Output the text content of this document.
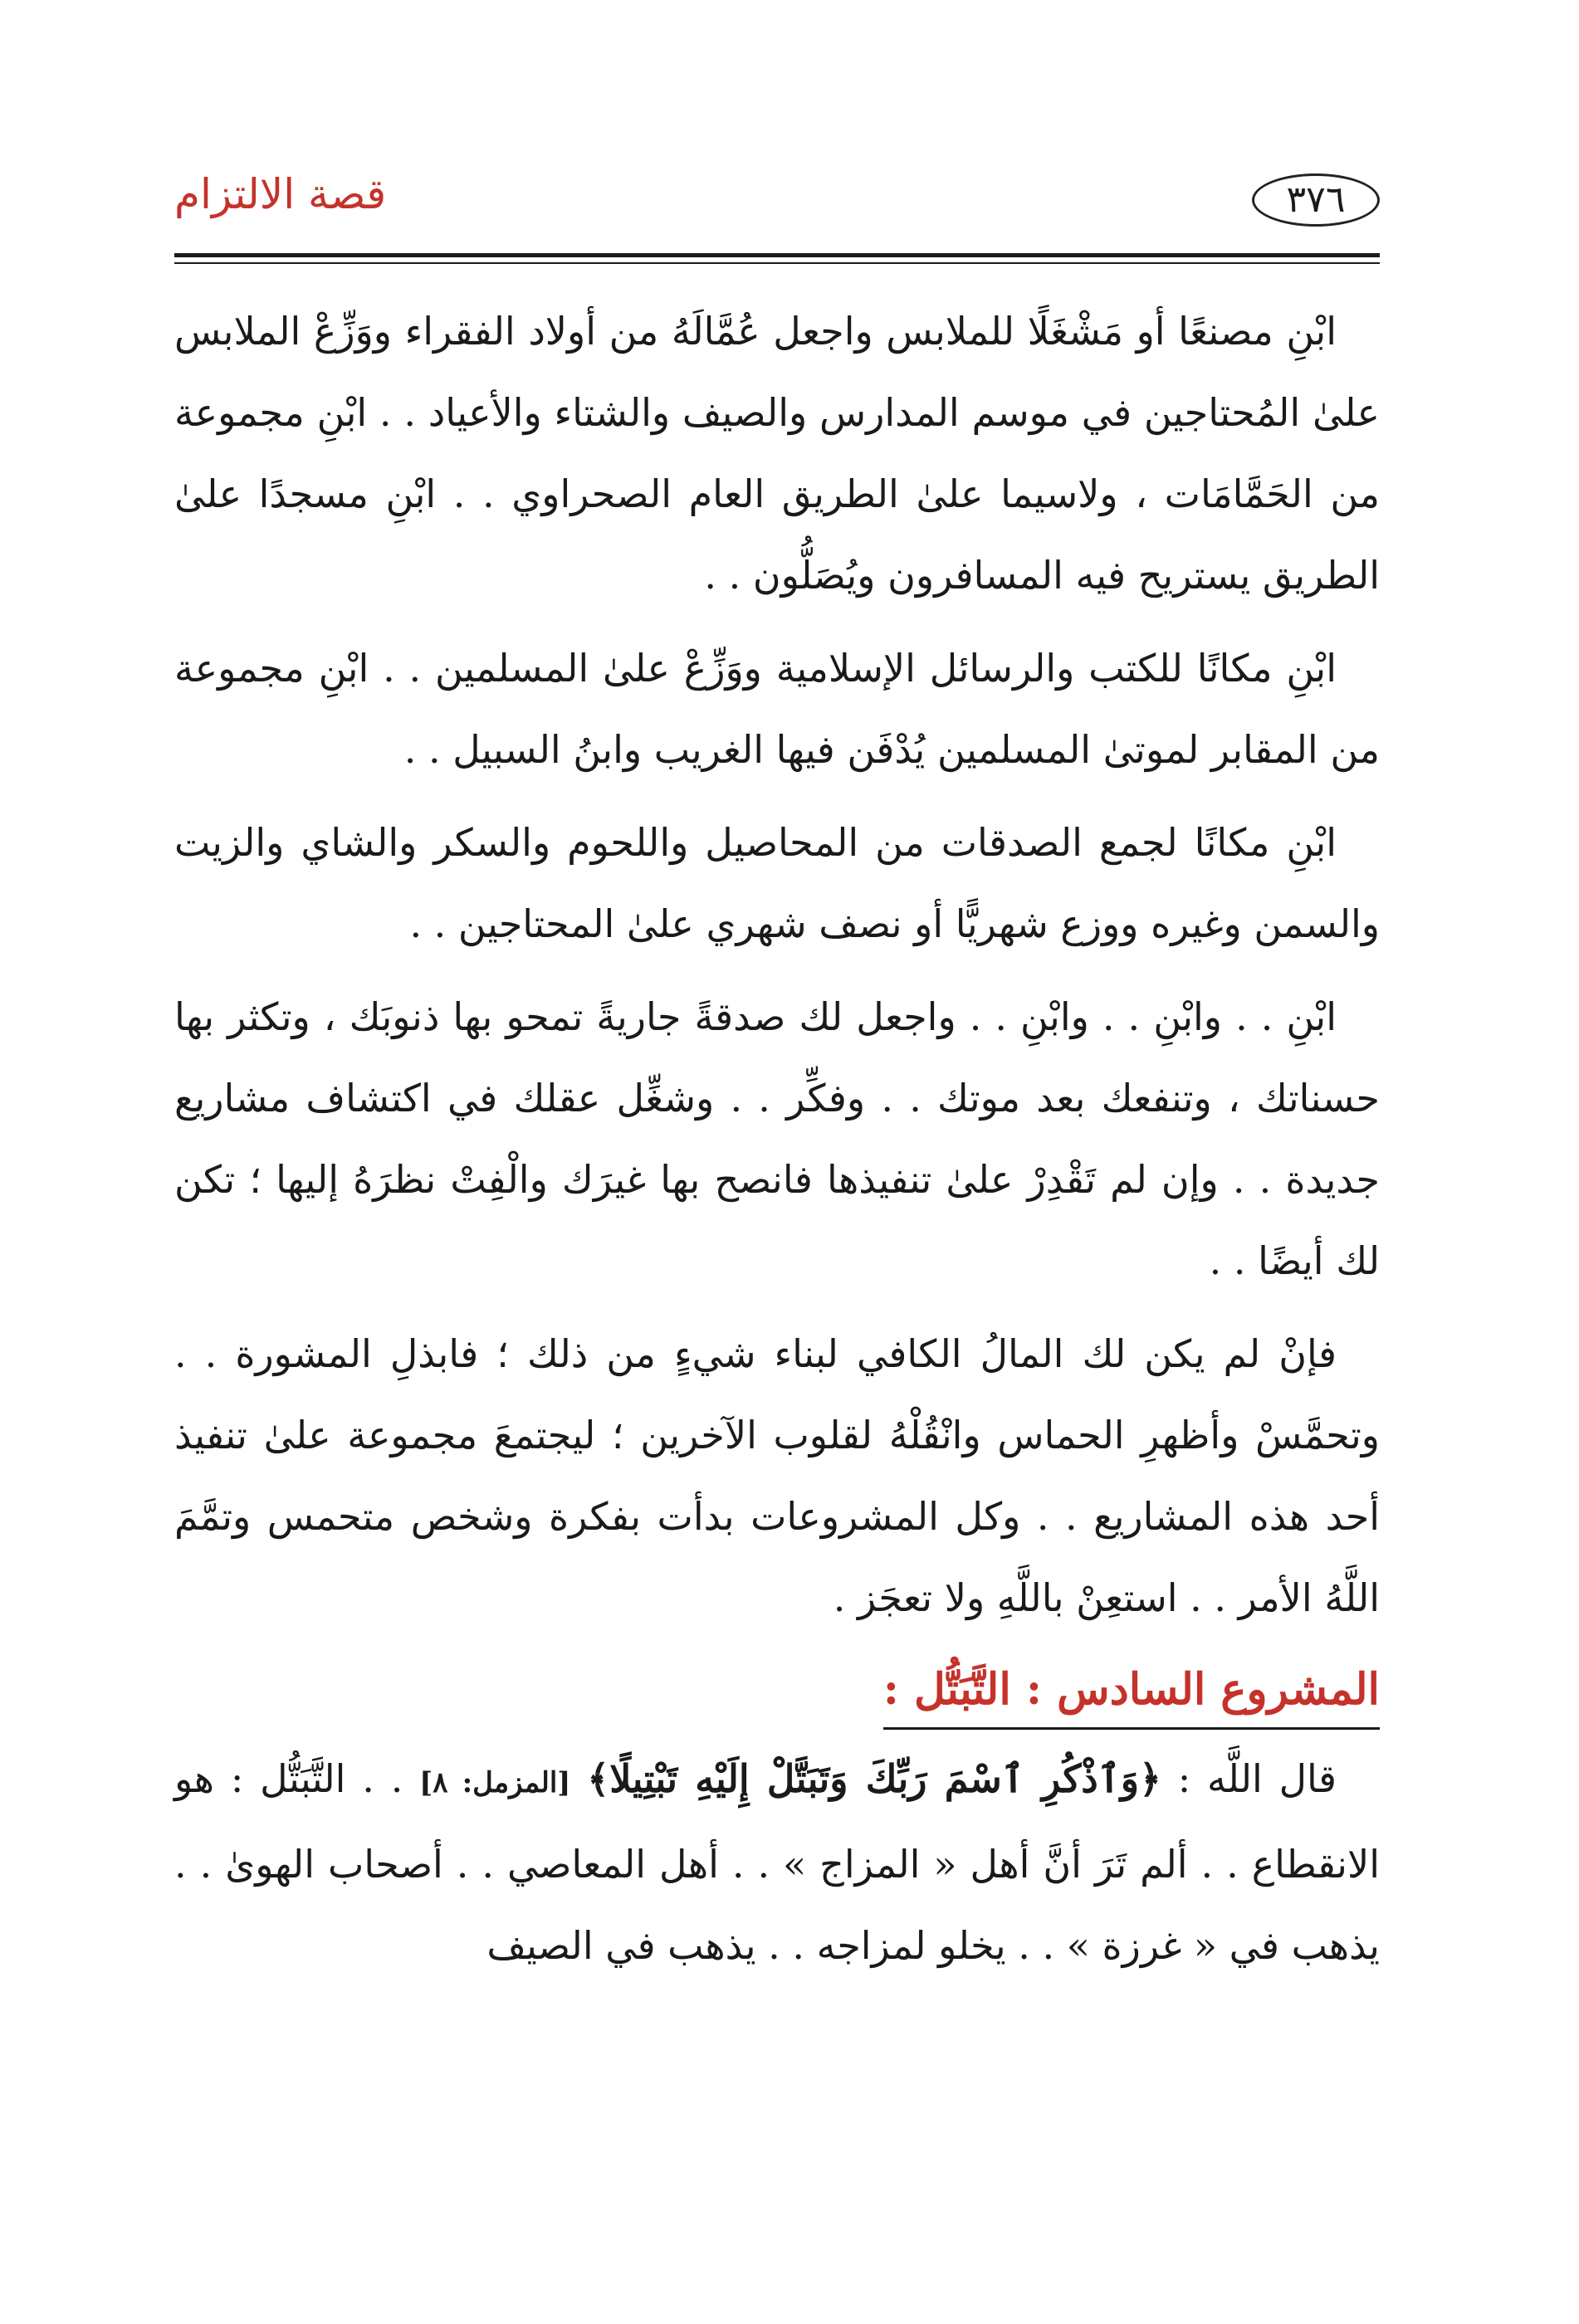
قصة الالتزام	٣٧٦

ابْنِ مصنعًا أو مَشْغَلًا للملابس واجعل عُمَّالَهُ من أولاد الفقراء ووَزِّعْ الملابس علىٰ المُحتاجين في موسم المدارس والصيف والشتاء والأعياد . . ابْنِ مجموعة من الحَمَّامَات ، ولاسيما علىٰ الطريق العام الصحراوي . . ابْنِ مسجدًا علىٰ الطريق يستريح فيه المسافرون ويُصَلُّون . .

ابْنِ مكانًا للكتب والرسائل الإسلامية ووَزِّعْ علىٰ المسلمين . . ابْنِ مجموعة من المقابر لموتىٰ المسلمين يُدْفَن فيها الغريب وابنُ السبيل . .

ابْنِ مكانًا لجمع الصدقات من المحاصيل واللحوم والسكر والشاي والزيت والسمن وغيره ووزع شهريًّا أو نصف شهري علىٰ المحتاجين . .

ابْنِ . . وابْنِ . . وابْنِ . . واجعل لك صدقةً جاريةً تمحو بها ذنوبَك ، وتكثر بها حسناتك ، وتنفعك بعد موتك . . وفكِّر . . وشغِّل عقلك في اكتشاف مشاريع جديدة . . وإن لم تَقْدِرْ علىٰ تنفيذها فانصح بها غيرَك والْفِتْ نظرَهُ إليها ؛ تكن لك أيضًا . .

فإنْ لم يكن لك المالُ الكافي لبناء شيءٍ من ذلك ؛ فابذلِ المشورة . . وتحمَّسْ وأظهرِ الحماس وانْقُلْهُ لقلوب الآخرين ؛ ليجتمعَ مجموعة علىٰ تنفيذ أحد هذه المشاريع . . وكل المشروعات بدأت بفكرة وشخص متحمس وتمَّمَ اللَّهُ الأمر . . استعِنْ باللَّهِ ولا تعجَز .

المشروع السادس : التَّبَتُّل :

قال اللَّه : ﴿وَٱذْكُرِ ٱسْمَ رَبِّكَ وَتَبَتَّلْ إِلَيْهِ تَبْتِيلًا﴾ [المزمل: ٨] . . التَّبَتُّل : هو الانقطاع . . ألم تَرَ أنَّ أهل « المزاج » . . أهل المعاصي . . أصحاب الهوىٰ . . يذهب في « غرزة » . . يخلو لمزاجه . . يذهب في الصيف
